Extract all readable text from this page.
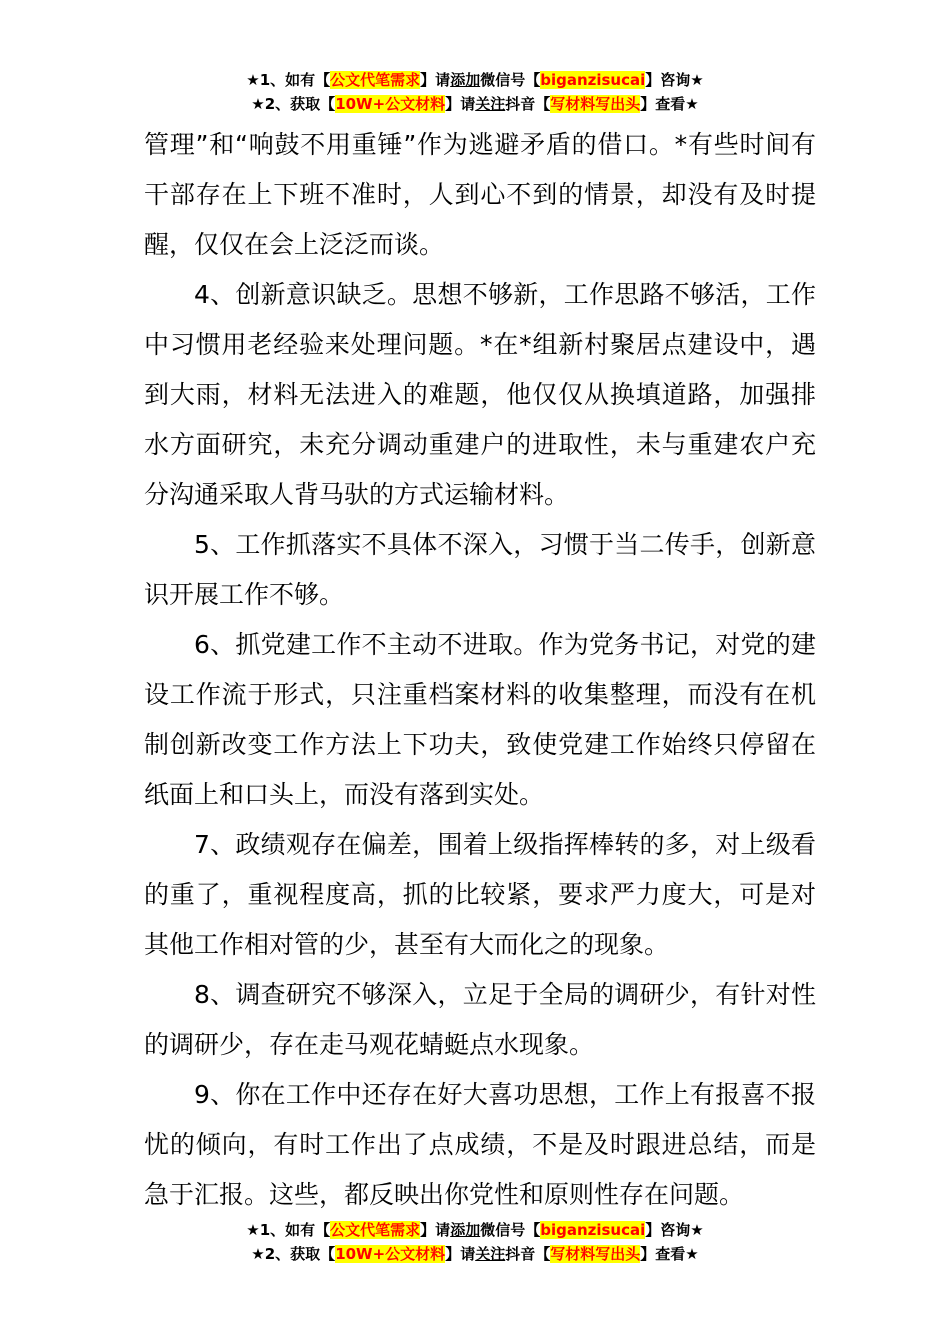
★1、如有【公文代笔需求】请添加微信号【biganzisucai】咨询★
★2、获取【10W+公文材料】请关注抖音【写材料写出头】查看★

管理”和“响鼓不用重锤”作为逃避矛盾的借口。*有些时间有干部存在上下班不准时，人到心不到的情景，却没有及时提醒，仅仅在会上泛泛而谈。

4、创新意识缺乏。思想不够新，工作思路不够活，工作中习惯用老经验来处理问题。*在*组新村聚居点建设中，遇到大雨，材料无法进入的难题，他仅仅从换填道路，加强排水方面研究，未充分调动重建户的进取性，未与重建农户充分沟通采取人背马驮的方式运输材料。

5、工作抓落实不具体不深入，习惯于当二传手，创新意识开展工作不够。

6、抓党建工作不主动不进取。作为党务书记，对党的建设工作流于形式，只注重档案材料的收集整理，而没有在机制创新改变工作方法上下功夫，致使党建工作始终只停留在纸面上和口头上，而没有落到实处。

7、政绩观存在偏差，围着上级指挥棒转的多，对上级看的重了，重视程度高，抓的比较紧，要求严力度大，可是对其他工作相对管的少，甚至有大而化之的现象。

8、调查研究不够深入，立足于全局的调研少，有针对性的调研少，存在走马观花蜻蜓点水现象。

9、你在工作中还存在好大喜功思想，工作上有报喜不报忧的倾向，有时工作出了点成绩，不是及时跟进总结，而是急于汇报。这些，都反映出你党性和原则性存在问题。

★1、如有【公文代笔需求】请添加微信号【biganzisucai】咨询★
★2、获取【10W+公文材料】请关注抖音【写材料写出头】查看★
